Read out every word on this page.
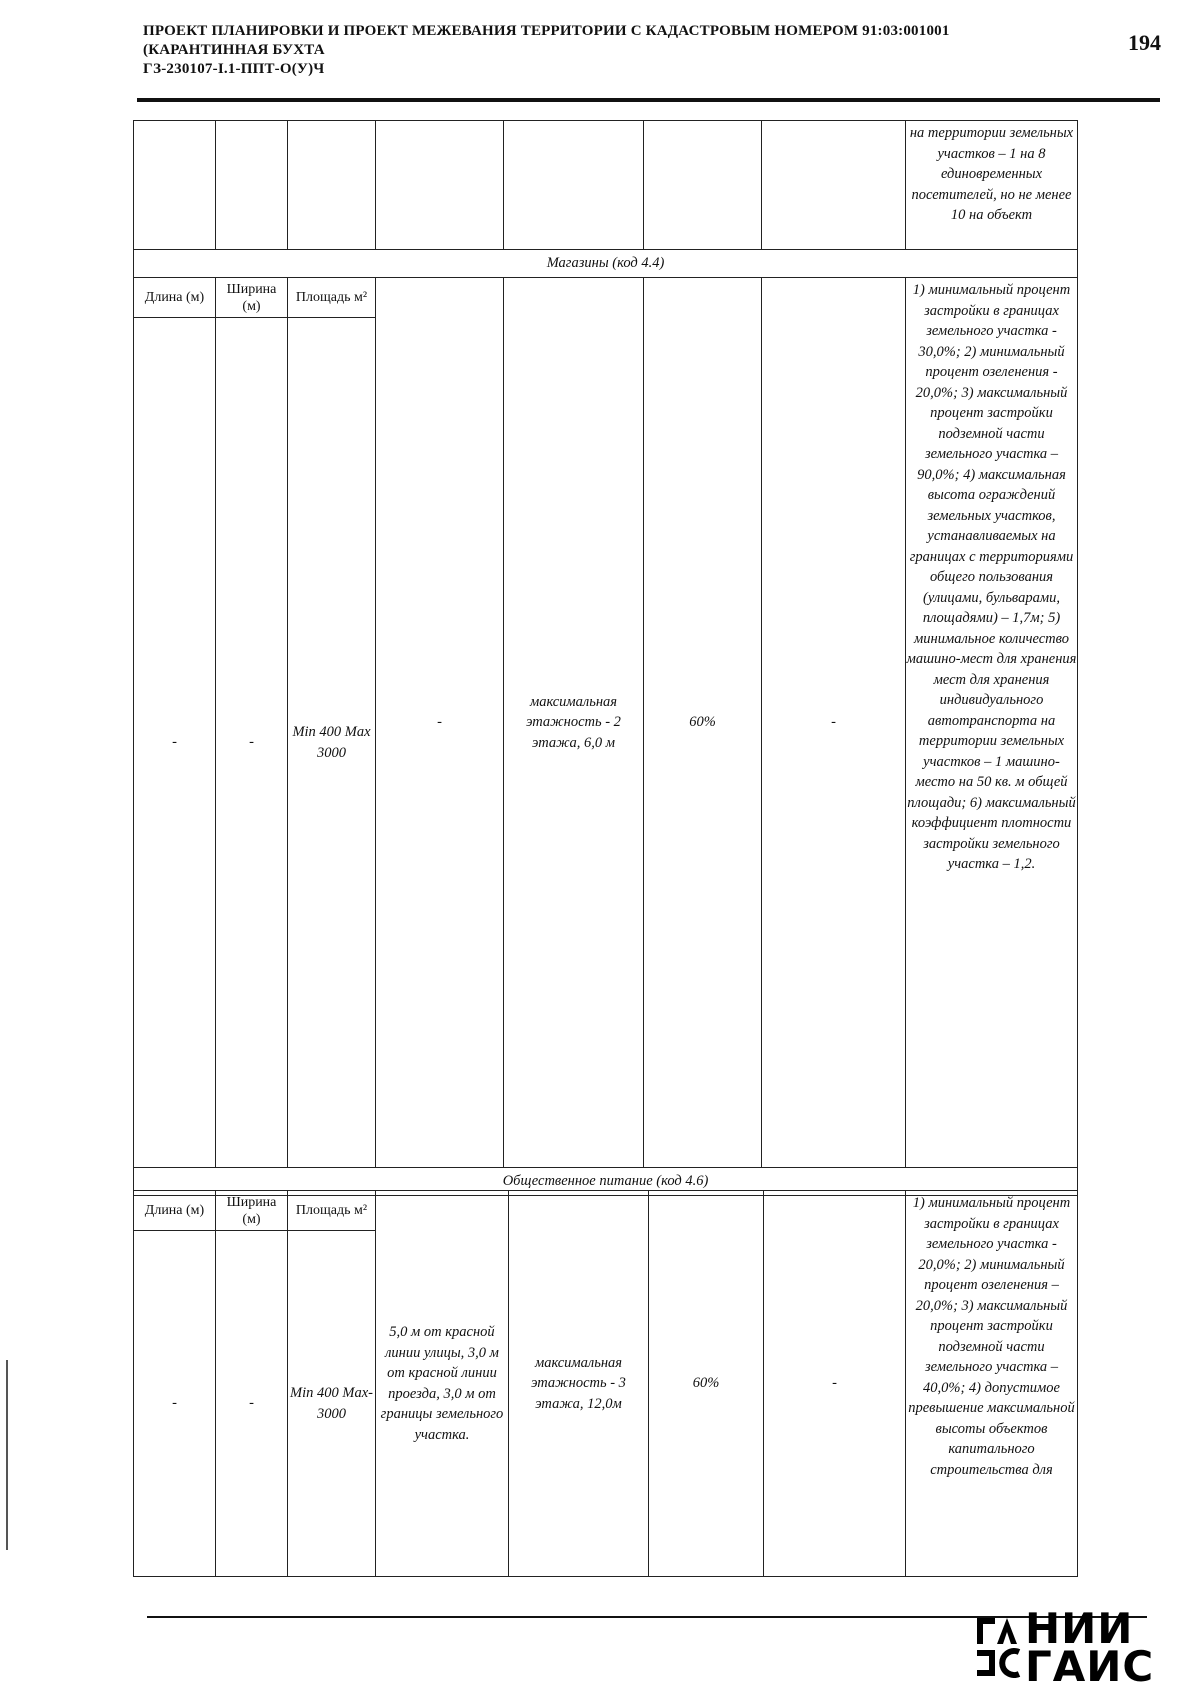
ПРОЕКТ ПЛАНИРОВКИ И ПРОЕКТ МЕЖЕВАНИЯ ТЕРРИТОРИИ С КАДАСТРОВЫМ НОМЕРОМ 91:03:001001
(КАРАНТИННАЯ БУХТА
ГЗ-230107-I.1-ППТ-О(У)Ч
194
							на территории земельных участков – 1 на 8 единовременных посетителей, но не менее 10 на объект
Магазины (код 4.4)							
Длина (м)	Ширина (м)	Площадь м²	-	максимальная этажность - 2 этажа, 6,0 м	60%	-	1) минимальный процент застройки в границах земельного участка - 30,0%; 2) минимальный процент озеленения - 20,0%; 3) максимальный процент застройки подземной части земельного участка – 90,0%; 4) максимальная высота ограждений земельных участков, устанавливаемых на границах с территориями общего пользования (улицами, бульварами, площадями) – 1,7м; 5) минимальное количество машино-мест для хранения мест для хранения индивидуального автотранспорта на территории земельных участков – 1 машино-место на 50 кв. м общей площади; 6) максимальный коэффициент плотности застройки земельного участка – 1,2.
-	-	Min 400 Max 3000					
Общественное питание (код 4.6)							
Длина (м)	Ширина (м)	Площадь м²	5,0 м от красной линии улицы, 3,0 м от красной линии проезда, 3,0 м от границы земельного участка.	максимальная этажность - 3 этажа, 12,0м	60%	-	1) минимальный процент застройки в границах земельного участка - 20,0%; 2) минимальный процент озеленения – 20,0%; 3) максимальный процент застройки подземной части земельного участка – 40,0%; 4) допустимое превышение максимальной высоты объектов капитального строительства для
-	-	Min 400 Max-3000					
НИИ
ГАИС
